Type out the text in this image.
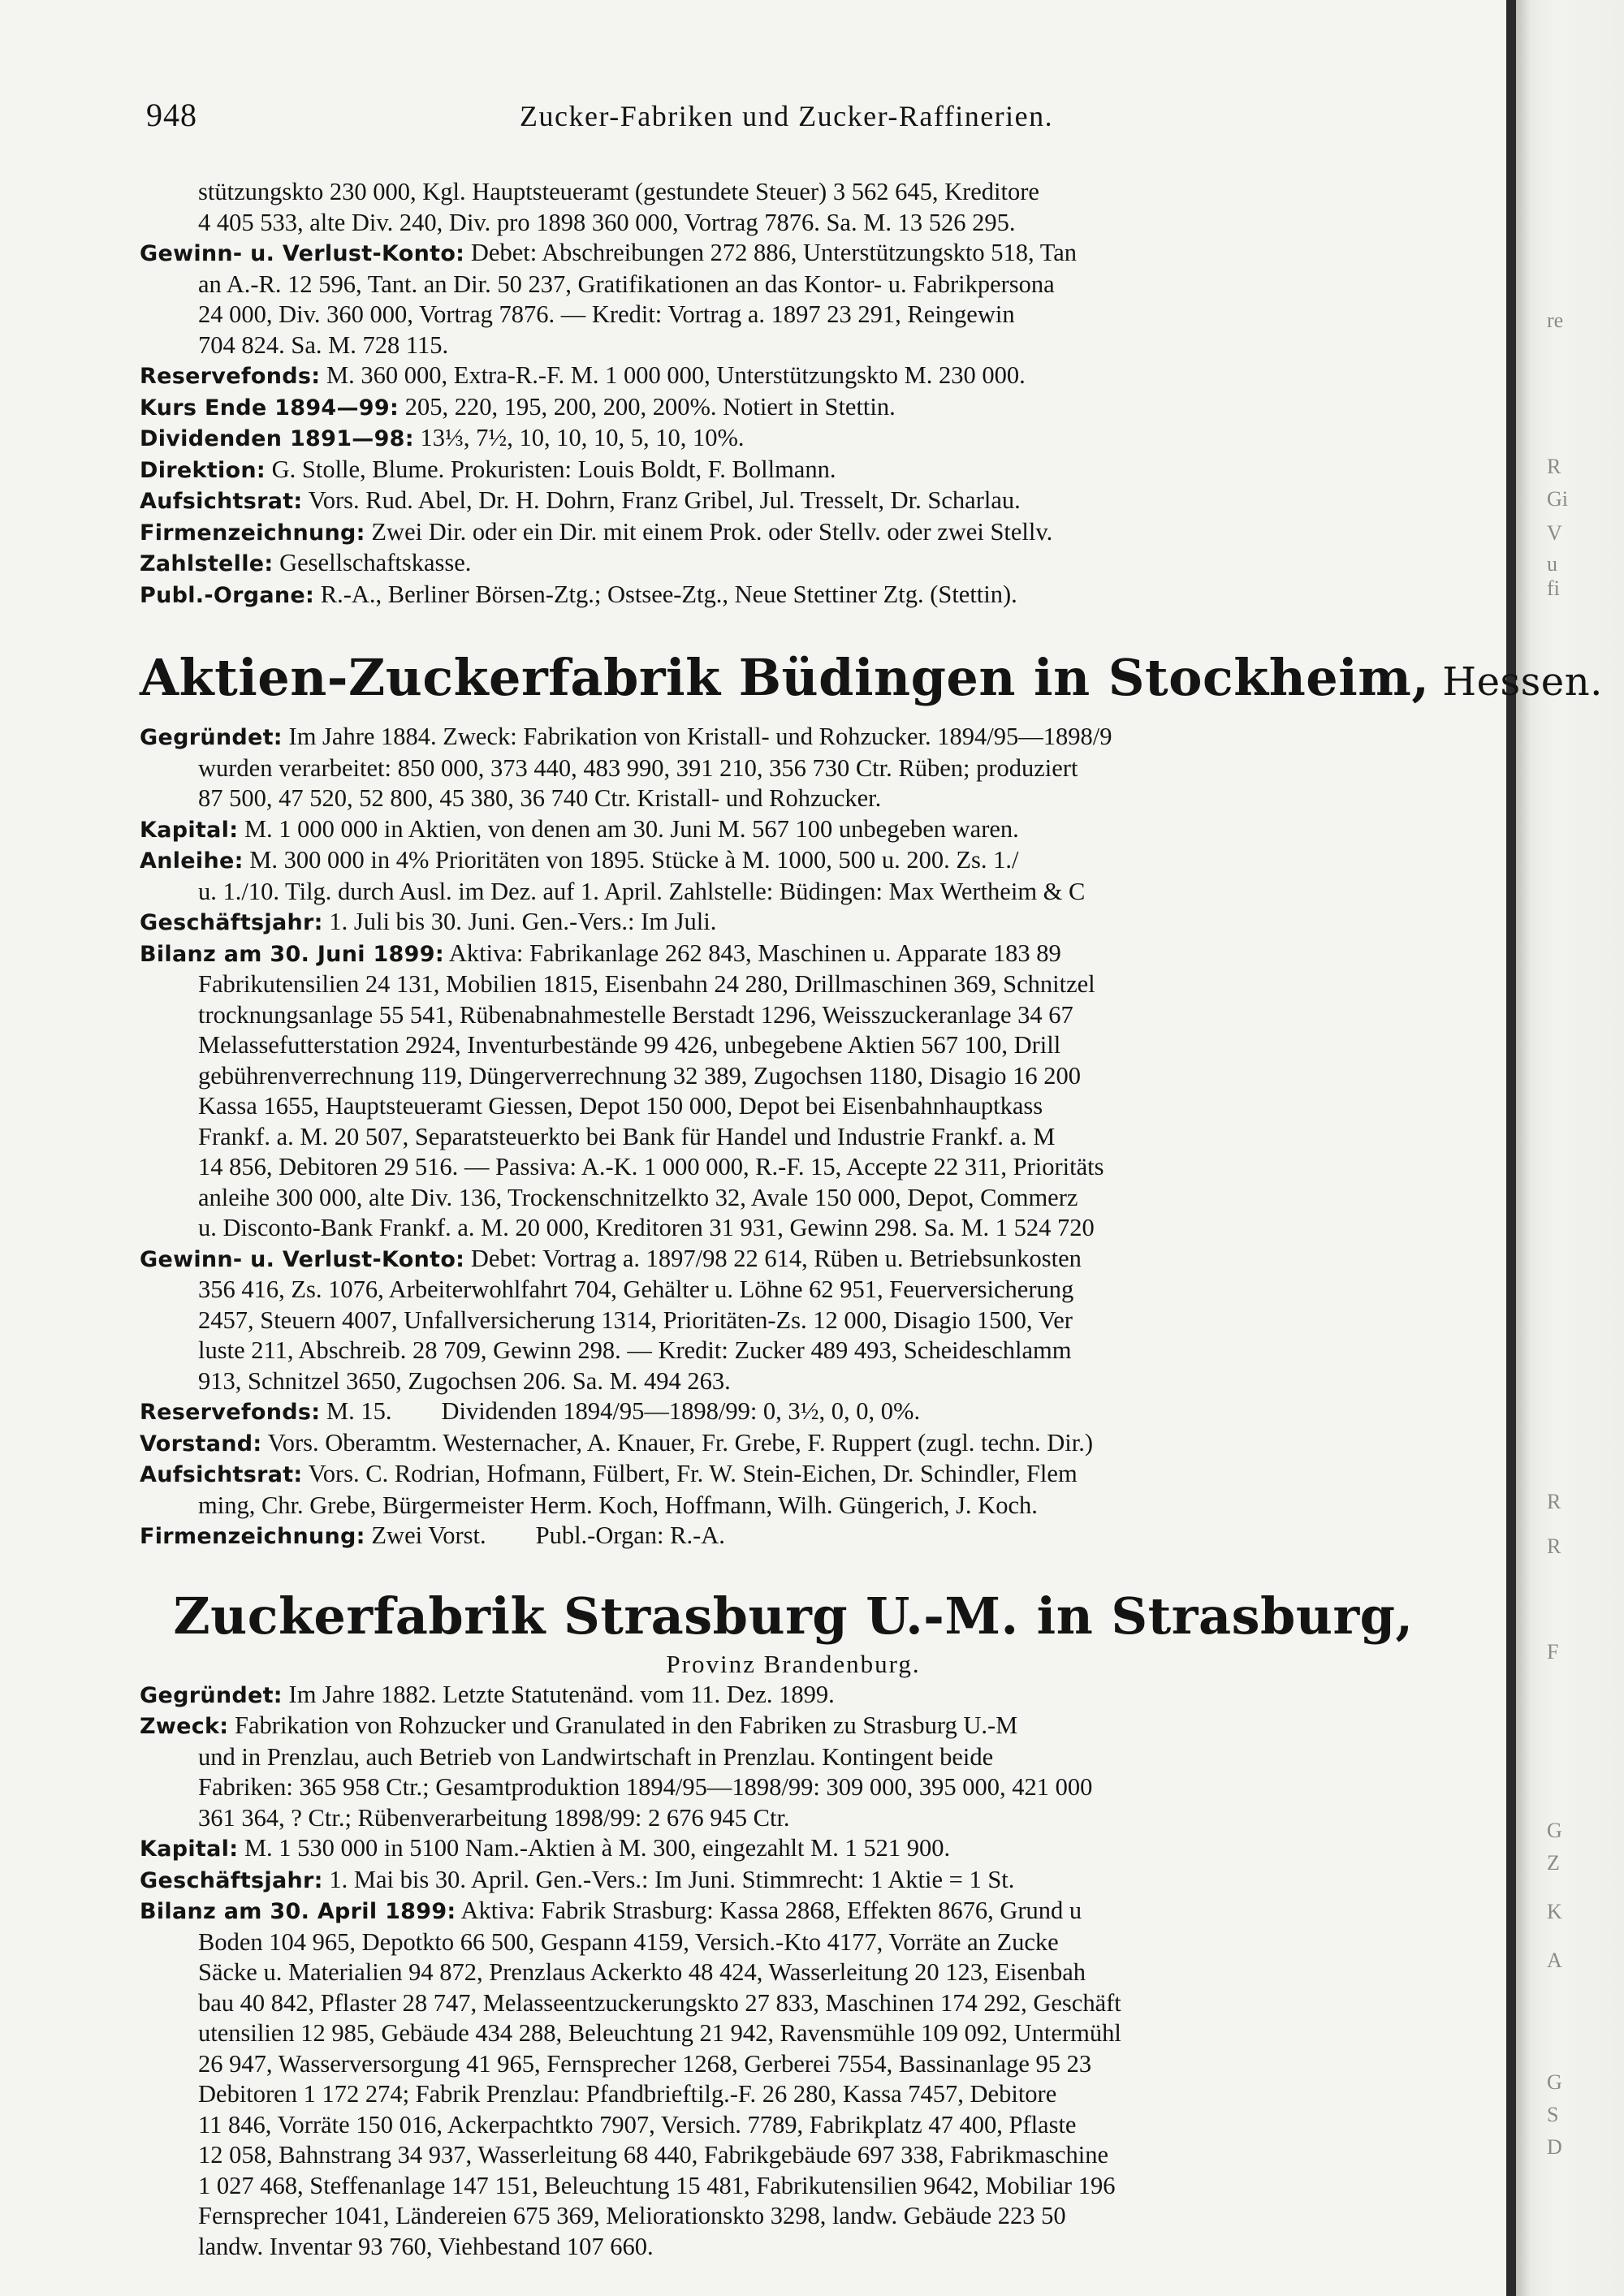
re
R
Gi
V
u
fi
R
R
F
G
Z
K
A
G
S
D
948	Zucker-Fabriken und Zucker-Raffinerien.
stützungskto 230 000, Kgl. Hauptsteueramt (gestundete Steuer) 3 562 645, Kreditore
4 405 533, alte Div. 240, Div. pro 1898 360 000, Vortrag 7876. Sa. M. 13 526 295.
Gewinn- u. Verlust-Konto: Debet: Abschreibungen 272 886, Unterstützungskto 518, Tan
an A.-R. 12 596, Tant. an Dir. 50 237, Gratifikationen an das Kontor- u. Fabrikpersona
24 000, Div. 360 000, Vortrag 7876. — Kredit: Vortrag a. 1897 23 291, Reingewin
704 824. Sa. M. 728 115.
Reservefonds: M. 360 000, Extra-R.-F. M. 1 000 000, Unterstützungskto M. 230 000.
Kurs Ende 1894—99: 205, 220, 195, 200, 200, 200%. Notiert in Stettin.
Dividenden 1891—98: 13⅓, 7½, 10, 10, 10, 5, 10, 10%.
Direktion: G. Stolle, Blume. Prokuristen: Louis Boldt, F. Bollmann.
Aufsichtsrat: Vors. Rud. Abel, Dr. H. Dohrn, Franz Gribel, Jul. Tresselt, Dr. Scharlau.
Firmenzeichnung: Zwei Dir. oder ein Dir. mit einem Prok. oder Stellv. oder zwei Stellv.
Zahlstelle: Gesellschaftskasse.
Publ.-Organe: R.-A., Berliner Börsen-Ztg.; Ostsee-Ztg., Neue Stettiner Ztg. (Stettin).
Aktien-Zuckerfabrik Büdingen in Stockheim, Hessen.
Gegründet: Im Jahre 1884. Zweck: Fabrikation von Kristall- und Rohzucker. 1894/95—1898/9
wurden verarbeitet: 850 000, 373 440, 483 990, 391 210, 356 730 Ctr. Rüben; produziert
87 500, 47 520, 52 800, 45 380, 36 740 Ctr. Kristall- und Rohzucker.
Kapital: M. 1 000 000 in Aktien, von denen am 30. Juni M. 567 100 unbegeben waren.
Anleihe: M. 300 000 in 4% Prioritäten von 1895. Stücke à M. 1000, 500 u. 200. Zs. 1./
u. 1./10. Tilg. durch Ausl. im Dez. auf 1. April. Zahlstelle: Büdingen: Max Wertheim & C
Geschäftsjahr: 1. Juli bis 30. Juni. Gen.-Vers.: Im Juli.
Bilanz am 30. Juni 1899: Aktiva: Fabrikanlage 262 843, Maschinen u. Apparate 183 89
Fabrikutensilien 24 131, Mobilien 1815, Eisenbahn 24 280, Drillmaschinen 369, Schnitzel
trocknungsanlage 55 541, Rübenabnahmestelle Berstadt 1296, Weisszuckeranlage 34 67
Melassefutterstation 2924, Inventurbestände 99 426, unbegebene Aktien 567 100, Drill
gebührenverrechnung 119, Düngerverrechnung 32 389, Zugochsen 1180, Disagio 16 200
Kassa 1655, Hauptsteueramt Giessen, Depot 150 000, Depot bei Eisenbahnhauptkass
Frankf. a. M. 20 507, Separatsteuerkto bei Bank für Handel und Industrie Frankf. a. M
14 856, Debitoren 29 516. — Passiva: A.-K. 1 000 000, R.-F. 15, Accepte 22 311, Prioritäts
anleihe 300 000, alte Div. 136, Trockenschnitzelkto 32, Avale 150 000, Depot, Commerz
u. Disconto-Bank Frankf. a. M. 20 000, Kreditoren 31 931, Gewinn 298. Sa. M. 1 524 720
Gewinn- u. Verlust-Konto: Debet: Vortrag a. 1897/98 22 614, Rüben u. Betriebsunkosten
356 416, Zs. 1076, Arbeiterwohlfahrt 704, Gehälter u. Löhne 62 951, Feuerversicherung
2457, Steuern 4007, Unfallversicherung 1314, Prioritäten-Zs. 12 000, Disagio 1500, Ver
luste 211, Abschreib. 28 709, Gewinn 298. — Kredit: Zucker 489 493, Scheideschlamm
913, Schnitzel 3650, Zugochsen 206. Sa. M. 494 263.
Reservefonds: M. 15.        Dividenden 1894/95—1898/99: 0, 3½, 0, 0, 0%.
Vorstand: Vors. Oberamtm. Westernacher, A. Knauer, Fr. Grebe, F. Ruppert (zugl. techn. Dir.)
Aufsichtsrat: Vors. C. Rodrian, Hofmann, Fülbert, Fr. W. Stein-Eichen, Dr. Schindler, Flem
ming, Chr. Grebe, Bürgermeister Herm. Koch, Hoffmann, Wilh. Güngerich, J. Koch.
Firmenzeichnung: Zwei Vorst.        Publ.-Organ: R.-A.
Zuckerfabrik Strasburg U.-M. in Strasburg,
Provinz Brandenburg.
Gegründet: Im Jahre 1882. Letzte Statutenänd. vom 11. Dez. 1899.
Zweck: Fabrikation von Rohzucker und Granulated in den Fabriken zu Strasburg U.-M
und in Prenzlau, auch Betrieb von Landwirtschaft in Prenzlau. Kontingent beide
Fabriken: 365 958 Ctr.; Gesamtproduktion 1894/95—1898/99: 309 000, 395 000, 421 000
361 364, ? Ctr.; Rübenverarbeitung 1898/99: 2 676 945 Ctr.
Kapital: M. 1 530 000 in 5100 Nam.-Aktien à M. 300, eingezahlt M. 1 521 900.
Geschäftsjahr: 1. Mai bis 30. April. Gen.-Vers.: Im Juni. Stimmrecht: 1 Aktie = 1 St.
Bilanz am 30. April 1899: Aktiva: Fabrik Strasburg: Kassa 2868, Effekten 8676, Grund u
Boden 104 965, Depotkto 66 500, Gespann 4159, Versich.-Kto 4177, Vorräte an Zucke
Säcke u. Materialien 94 872, Prenzlaus Ackerkto 48 424, Wasserleitung 20 123, Eisenbah
bau 40 842, Pflaster 28 747, Melasseentzuckerungskto 27 833, Maschinen 174 292, Geschäft
utensilien 12 985, Gebäude 434 288, Beleuchtung 21 942, Ravensmühle 109 092, Untermühl
26 947, Wasserversorgung 41 965, Fernsprecher 1268, Gerberei 7554, Bassinanlage 95 23
Debitoren 1 172 274; Fabrik Prenzlau: Pfandbrieftilg.-F. 26 280, Kassa 7457, Debitore
11 846, Vorräte 150 016, Ackerpachtkto 7907, Versich. 7789, Fabrikplatz 47 400, Pflaste
12 058, Bahnstrang 34 937, Wasserleitung 68 440, Fabrikgebäude 697 338, Fabrikmaschine
1 027 468, Steffenanlage 147 151, Beleuchtung 15 481, Fabrikutensilien 9642, Mobiliar 196
Fernsprecher 1041, Ländereien 675 369, Meliorationskto 3298, landw. Gebäude 223 50
landw. Inventar 93 760, Viehbestand 107 660.
